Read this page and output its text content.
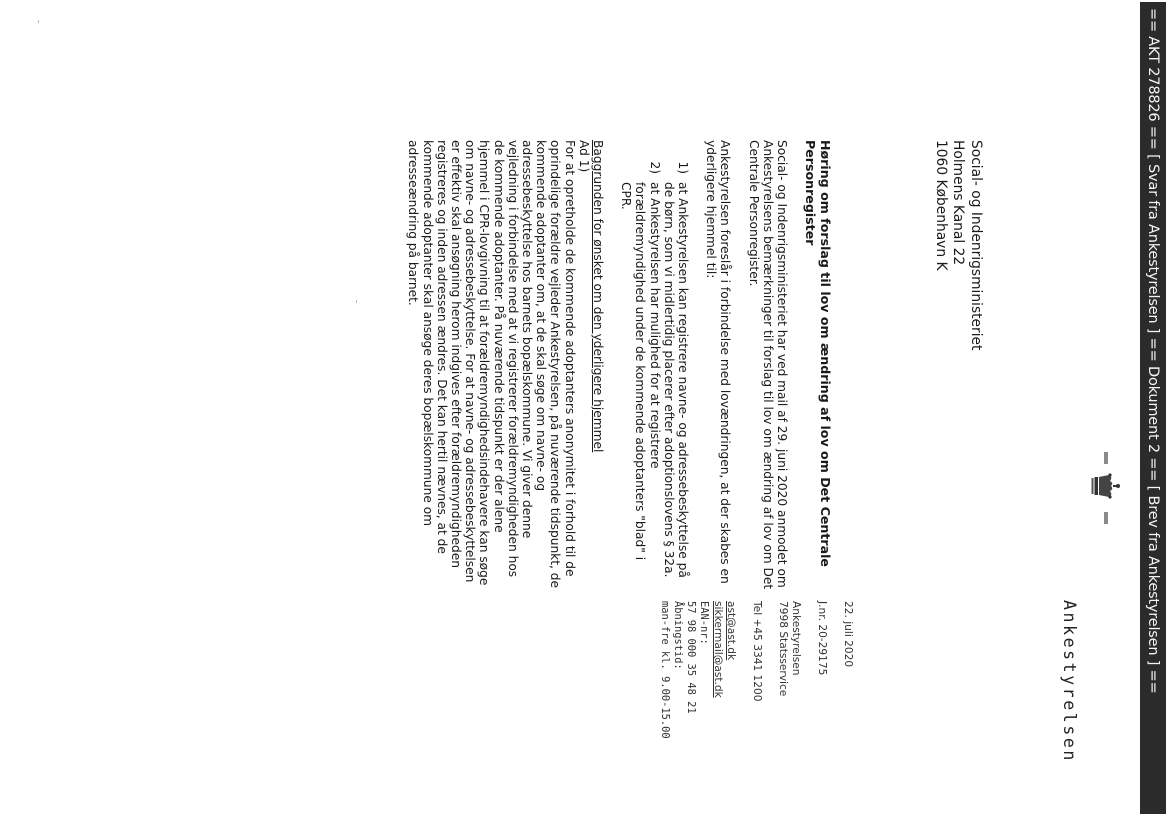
== AKT 278826 == [ Svar fra Ankestyrelsen ] == Dokument 2 == [ Brev fra Ankestyrelsen ] ==
Ankestyrelsen
Social- og Indenrigsministeriet
Holmens Kanal 22
1060 København K
22. juli 2020
J.nr. 20-29175
Ankestyrelsen
7998 Statsservice
Tel +45 3341 1200
ast@ast.dk
sikkermail@ast.dk
EAN-nr:
57 98 000 35 48 21
Åbningstid:
man-fre kl. 9.00-15.00
Høring om forslag til lov om ændring af lov om Det Centrale
Personregister
Social- og Indenrigsministeriet har ved mail af 29. juni 2020 anmodet om
Ankestyrelsens bemærkninger til forslag til lov om ændring af lov om Det
Centrale Personregister.
Ankestyrelsen foreslår i forbindelse med lovændringen, at der skabes en
yderligere hjemmel til:
1)
at Ankestyrelsen kan registrere navne- og adressebeskyttelse på
de børn, som vi midlertidig placerer efter adoptionslovens § 32a.
2)
at Ankestyrelsen har mulighed for at registrere
forældremyndighed under de kommende adoptanters "blad" i
CPR.
Baggrunden for ønsket om den yderligere hjemmel
Ad 1)
For at opretholde de kommende adoptanters anonymitet i forhold til de
oprindelige forældre vejleder Ankestyrelsen, på nuværende tidspunkt, de
kommende adoptanter om, at de skal søge om navne- og
adressebeskyttelse hos barnets bopælskommune. Vi giver denne
vejledning i forbindelse med at vi registrerer forældremyndigheden hos
de kommende adoptanter. På nuværende tidspunkt er der alene
hjemmel i CPR-lovgivning til at forældremyndighedsindehavere kan søge
om navne- og adressebeskyttelse. For at navne- og adressebeskyttelsen
er effektiv skal ansøgning herom indgives efter forældremyndigheden
registreres og inden adressen ændres. Det kan hertil nævnes, at de
kommende adoptanter skal ansøge deres bopælskommune om
adresseændring på barnet.
